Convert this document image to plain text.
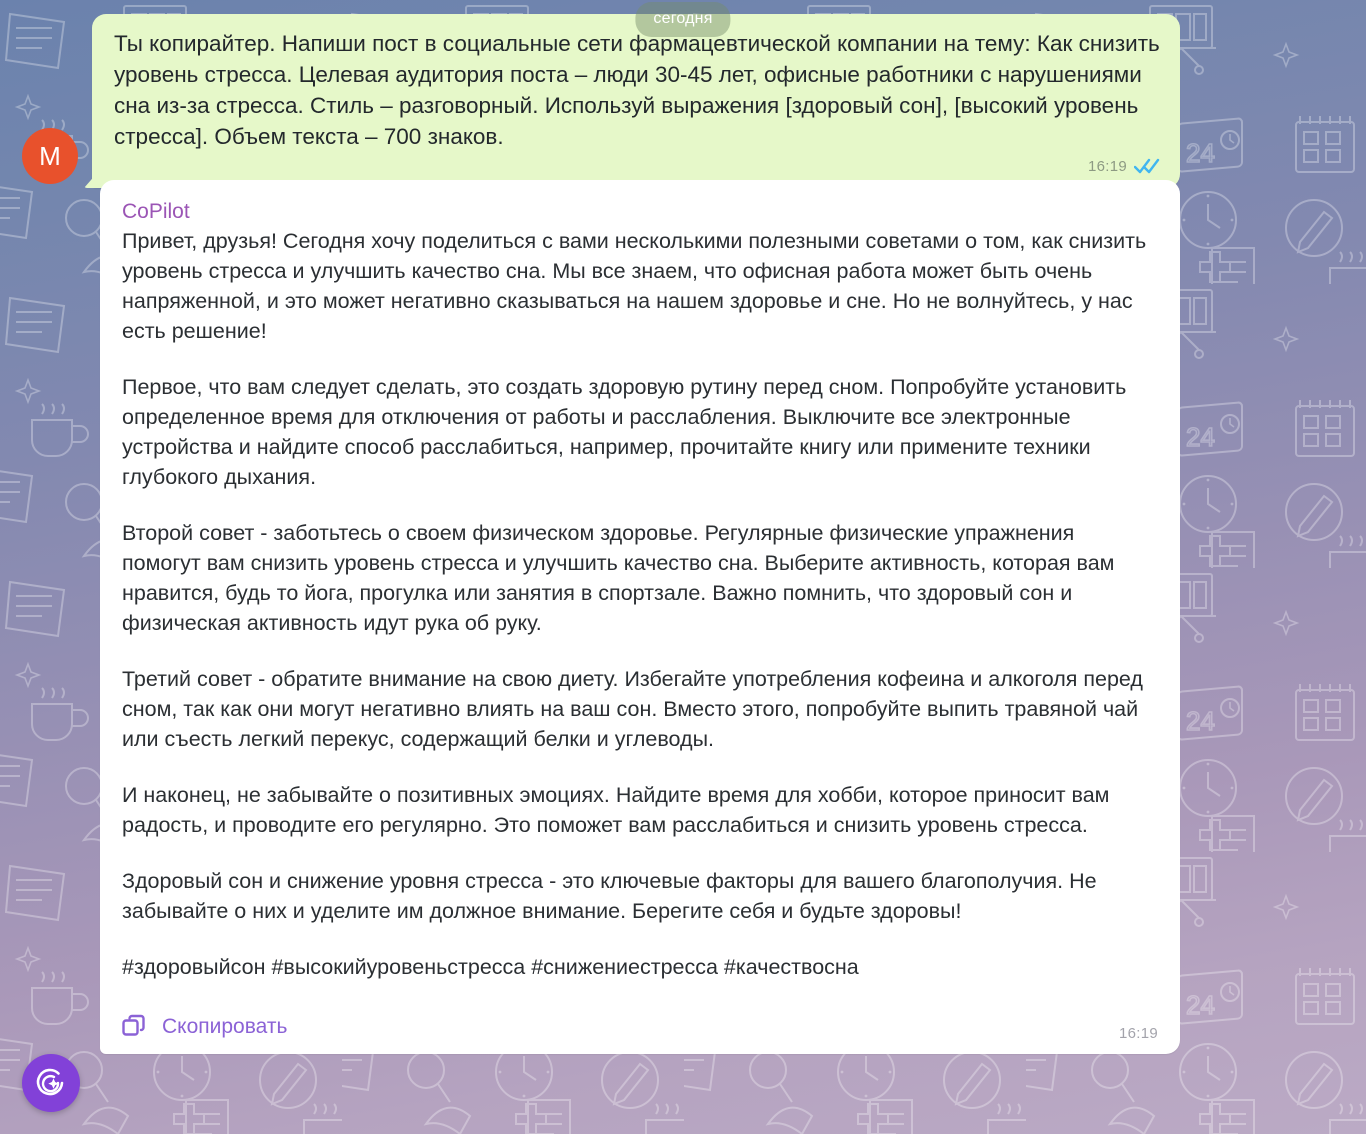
24
сегодня
M
Ты копирайтер. Напиши пост в социальные сети фармацевтической компании на тему: Как снизить уровень стресса. Целевая аудитория поста – люди 30-45 лет, офисные работники с нарушениями сна из-за стресса. Стиль – разговорный. Используй выражения [здоровый сон], [высокий уровень стресса]. Объем текста – 700 знаков.
16:19
CoPilot

Привет, друзья! Сегодня хочу поделиться с вами несколькими полезными советами о том, как снизить уровень стресса и улучшить качество сна. Мы все знаем, что офисная работа может быть очень напряженной, и это может негативно сказываться на нашем здоровье и сне. Но не волнуйтесь, у нас есть решение!

Первое, что вам следует сделать, это создать здоровую рутину перед сном. Попробуйте установить определенное время для отключения от работы и расслабления. Выключите все электронные устройства и найдите способ расслабиться, например, прочитайте книгу или примените техники глубокого дыхания.

Второй совет - заботьтесь о своем физическом здоровье. Регулярные физические упражнения помогут вам снизить уровень стресса и улучшить качество сна. Выберите активность, которая вам нравится, будь то йога, прогулка или занятия в спортзале. Важно помнить, что здоровый сон и физическая активность идут рука об руку.

Третий совет - обратите внимание на свою диету. Избегайте употребления кофеина и алкоголя перед сном, так как они могут негативно влиять на ваш сон. Вместо этого, попробуйте выпить травяной чай или съесть легкий перекус, содержащий белки и углеводы.

И наконец, не забывайте о позитивных эмоциях. Найдите время для хобби, которое приносит вам радость, и проводите его регулярно. Это поможет вам расслабиться и снизить уровень стресса.

Здоровый сон и снижение уровня стресса - это ключевые факторы для вашего благополучия. Не забывайте о них и уделите им должное внимание. Берегите себя и будьте здоровы!

#здоровыйсон #высокийуровеньстресса #снижениестресса #качествосна

Скопировать	16:19
